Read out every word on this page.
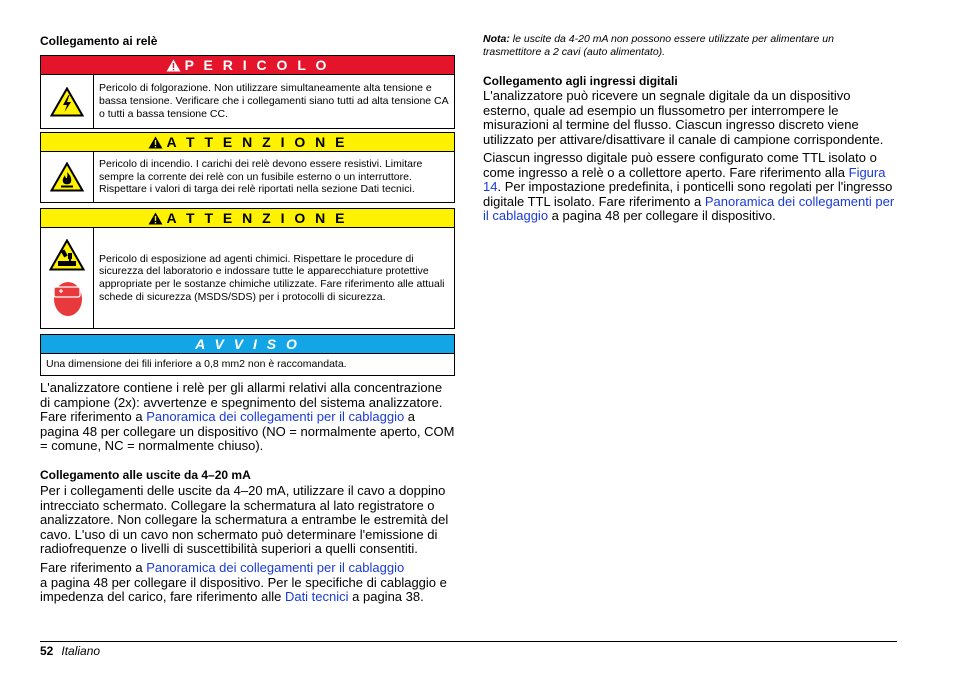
Collegamento ai relè
P E R I C O L O
Pericolo di folgorazione. Non utilizzare simultaneamente alta tensione e bassa tensione. Verificare che i collegamenti siano tutti ad alta tensione CA o tutti a bassa tensione CC.
A T T E N Z I O N E
Pericolo di incendio. I carichi dei relè devono essere resistivi. Limitare sempre la corrente dei relè con un fusibile esterno o un interruttore. Rispettare i valori di targa dei relè riportati nella sezione Dati tecnici.
A T T E N Z I O N E
Pericolo di esposizione ad agenti chimici. Rispettare le procedure di sicurezza del laboratorio e indossare tutte le apparecchiature protettive appropriate per le sostanze chimiche utilizzate. Fare riferimento alle attuali schede di sicurezza (MSDS/SDS) per i protocolli di sicurezza.
A V V I S O
Una dimensione dei fili inferiore a 0,8 mm2 non è raccomandata.
L'analizzatore contiene i relè per gli allarmi relativi alla concentrazione di campione (2x): avvertenze e spegnimento del sistema analizzatore. Fare riferimento a Panoramica dei collegamenti per il cablaggio a pagina 48 per collegare un dispositivo (NO = normalmente aperto, COM = comune, NC = normalmente chiuso).
Collegamento alle uscite da 4–20 mA
Per i collegamenti delle uscite da 4–20 mA, utilizzare il cavo a doppino intrecciato schermato. Collegare la schermatura al lato registratore o analizzatore. Non collegare la schermatura a entrambe le estremità del cavo. L'uso di un cavo non schermato può determinare l'emissione di radiofrequenze o livelli di suscettibilità superiori a quelli consentiti.
Fare riferimento a Panoramica dei collegamenti per il cablaggio
a pagina 48 per collegare il dispositivo. Per le specifiche di cablaggio e impedenza del carico, fare riferimento alle Dati tecnici a pagina 38.
Nota: le uscite da 4-20 mA non possono essere utilizzate per alimentare un trasmettitore a 2 cavi (auto alimentato).
Collegamento agli ingressi digitali
L'analizzatore può ricevere un segnale digitale da un dispositivo esterno, quale ad esempio un flussometro per interrompere le misurazioni al termine del flusso. Ciascun ingresso discreto viene utilizzato per attivare/disattivare il canale di campione corrispondente.
Ciascun ingresso digitale può essere configurato come TTL isolato o come ingresso a relè o a collettore aperto. Fare riferimento alla Figura 14. Per impostazione predefinita, i ponticelli sono regolati per l'ingresso digitale TTL isolato. Fare riferimento a Panoramica dei collegamenti per il cablaggio a pagina 48 per collegare il dispositivo.
52 Italiano
